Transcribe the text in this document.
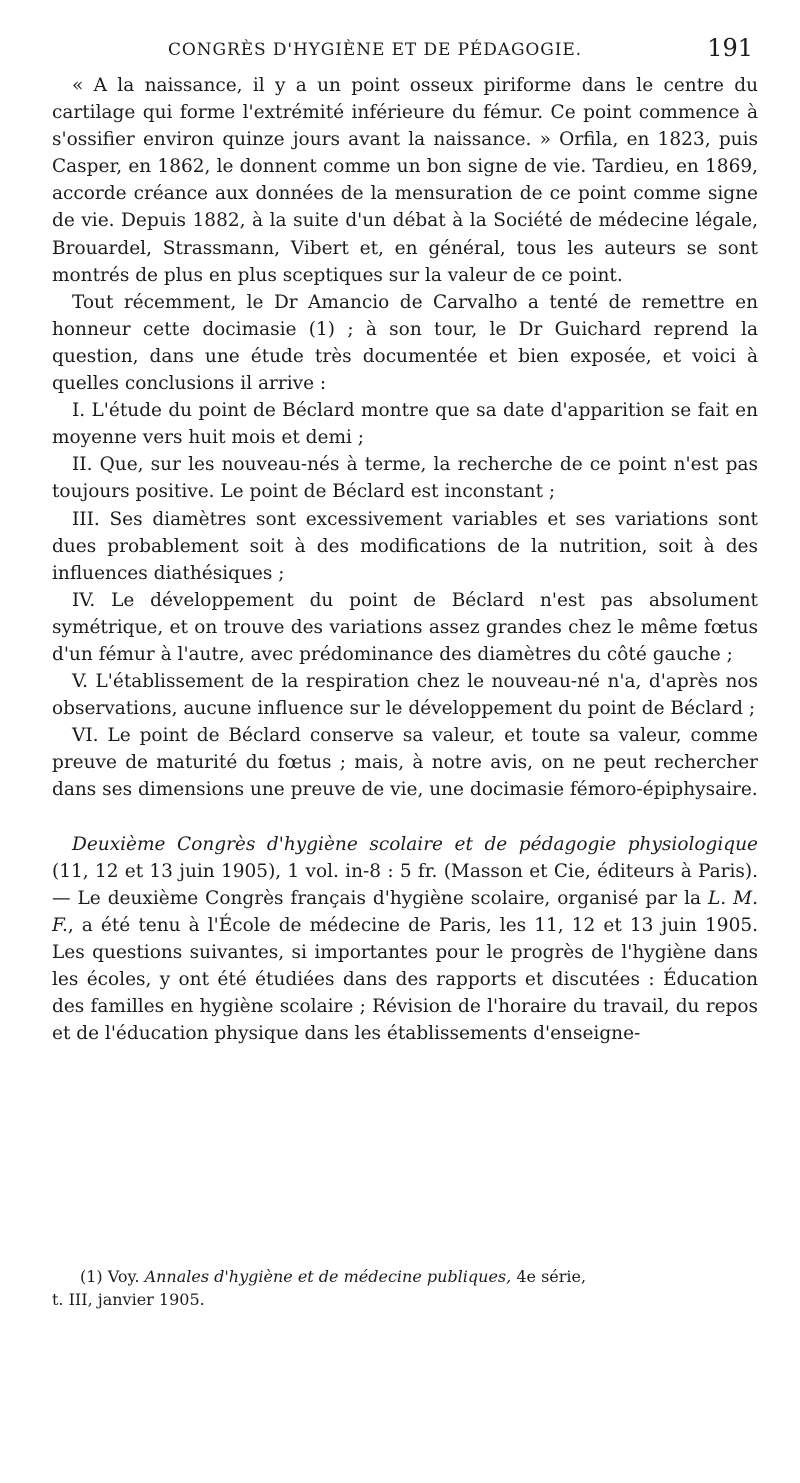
CONGRÈS D'HYGIÈNE ET DE PÉDAGOGIE.	191

« A la naissance, il y a un point osseux piriforme dans le centre du cartilage qui forme l'extrémité inférieure du fémur. Ce point commence à s'ossifier environ quinze jours avant la naissance. » Orfila, en 1823, puis Casper, en 1862, le donnent comme un bon signe de vie. Tardieu, en 1869, accorde créance aux données de la mensuration de ce point comme signe de vie. Depuis 1882, à la suite d'un débat à la Société de médecine légale, Brouardel, Strassmann, Vibert et, en général, tous les auteurs se sont montrés de plus en plus sceptiques sur la valeur de ce point.

Tout récemment, le Dr Amancio de Carvalho a tenté de remettre en honneur cette docimasie (1) ; à son tour, le Dr Guichard reprend la question, dans une étude très documentée et bien exposée, et voici à quelles conclusions il arrive :

I. L'étude du point de Béclard montre que sa date d'apparition se fait en moyenne vers huit mois et demi ;

II. Que, sur les nouveau-nés à terme, la recherche de ce point n'est pas toujours positive. Le point de Béclard est inconstant ;

III. Ses diamètres sont excessivement variables et ses variations sont dues probablement soit à des modifications de la nutrition, soit à des influences diathésiques ;

IV. Le développement du point de Béclard n'est pas absolument symétrique, et on trouve des variations assez grandes chez le même fœtus d'un fémur à l'autre, avec prédominance des diamètres du côté gauche ;

V. L'établissement de la respiration chez le nouveau-né n'a, d'après nos observations, aucune influence sur le développement du point de Béclard ;

VI. Le point de Béclard conserve sa valeur, et toute sa valeur, comme preuve de maturité du fœtus ; mais, à notre avis, on ne peut rechercher dans ses dimensions une preuve de vie, une docimasie fémoro-épiphysaire.

Deuxième Congrès d'hygiène scolaire et de pédagogie physiologique (11, 12 et 13 juin 1905), 1 vol. in-8 : 5 fr. (Masson et Cie, éditeurs à Paris). — Le deuxième Congrès français d'hygiène scolaire, organisé par la L. M. F., a été tenu à l'École de médecine de Paris, les 11, 12 et 13 juin 1905. Les questions suivantes, si importantes pour le progrès de l'hygiène dans les écoles, y ont été étudiées dans des rapports et discutées : Éducation des familles en hygiène scolaire ; Révision de l'horaire du travail, du repos et de l'éducation physique dans les établissements d'enseigne-

(1) Voy. Annales d'hygiène et de médecine publiques, 4e série,
t. III, janvier 1905.
